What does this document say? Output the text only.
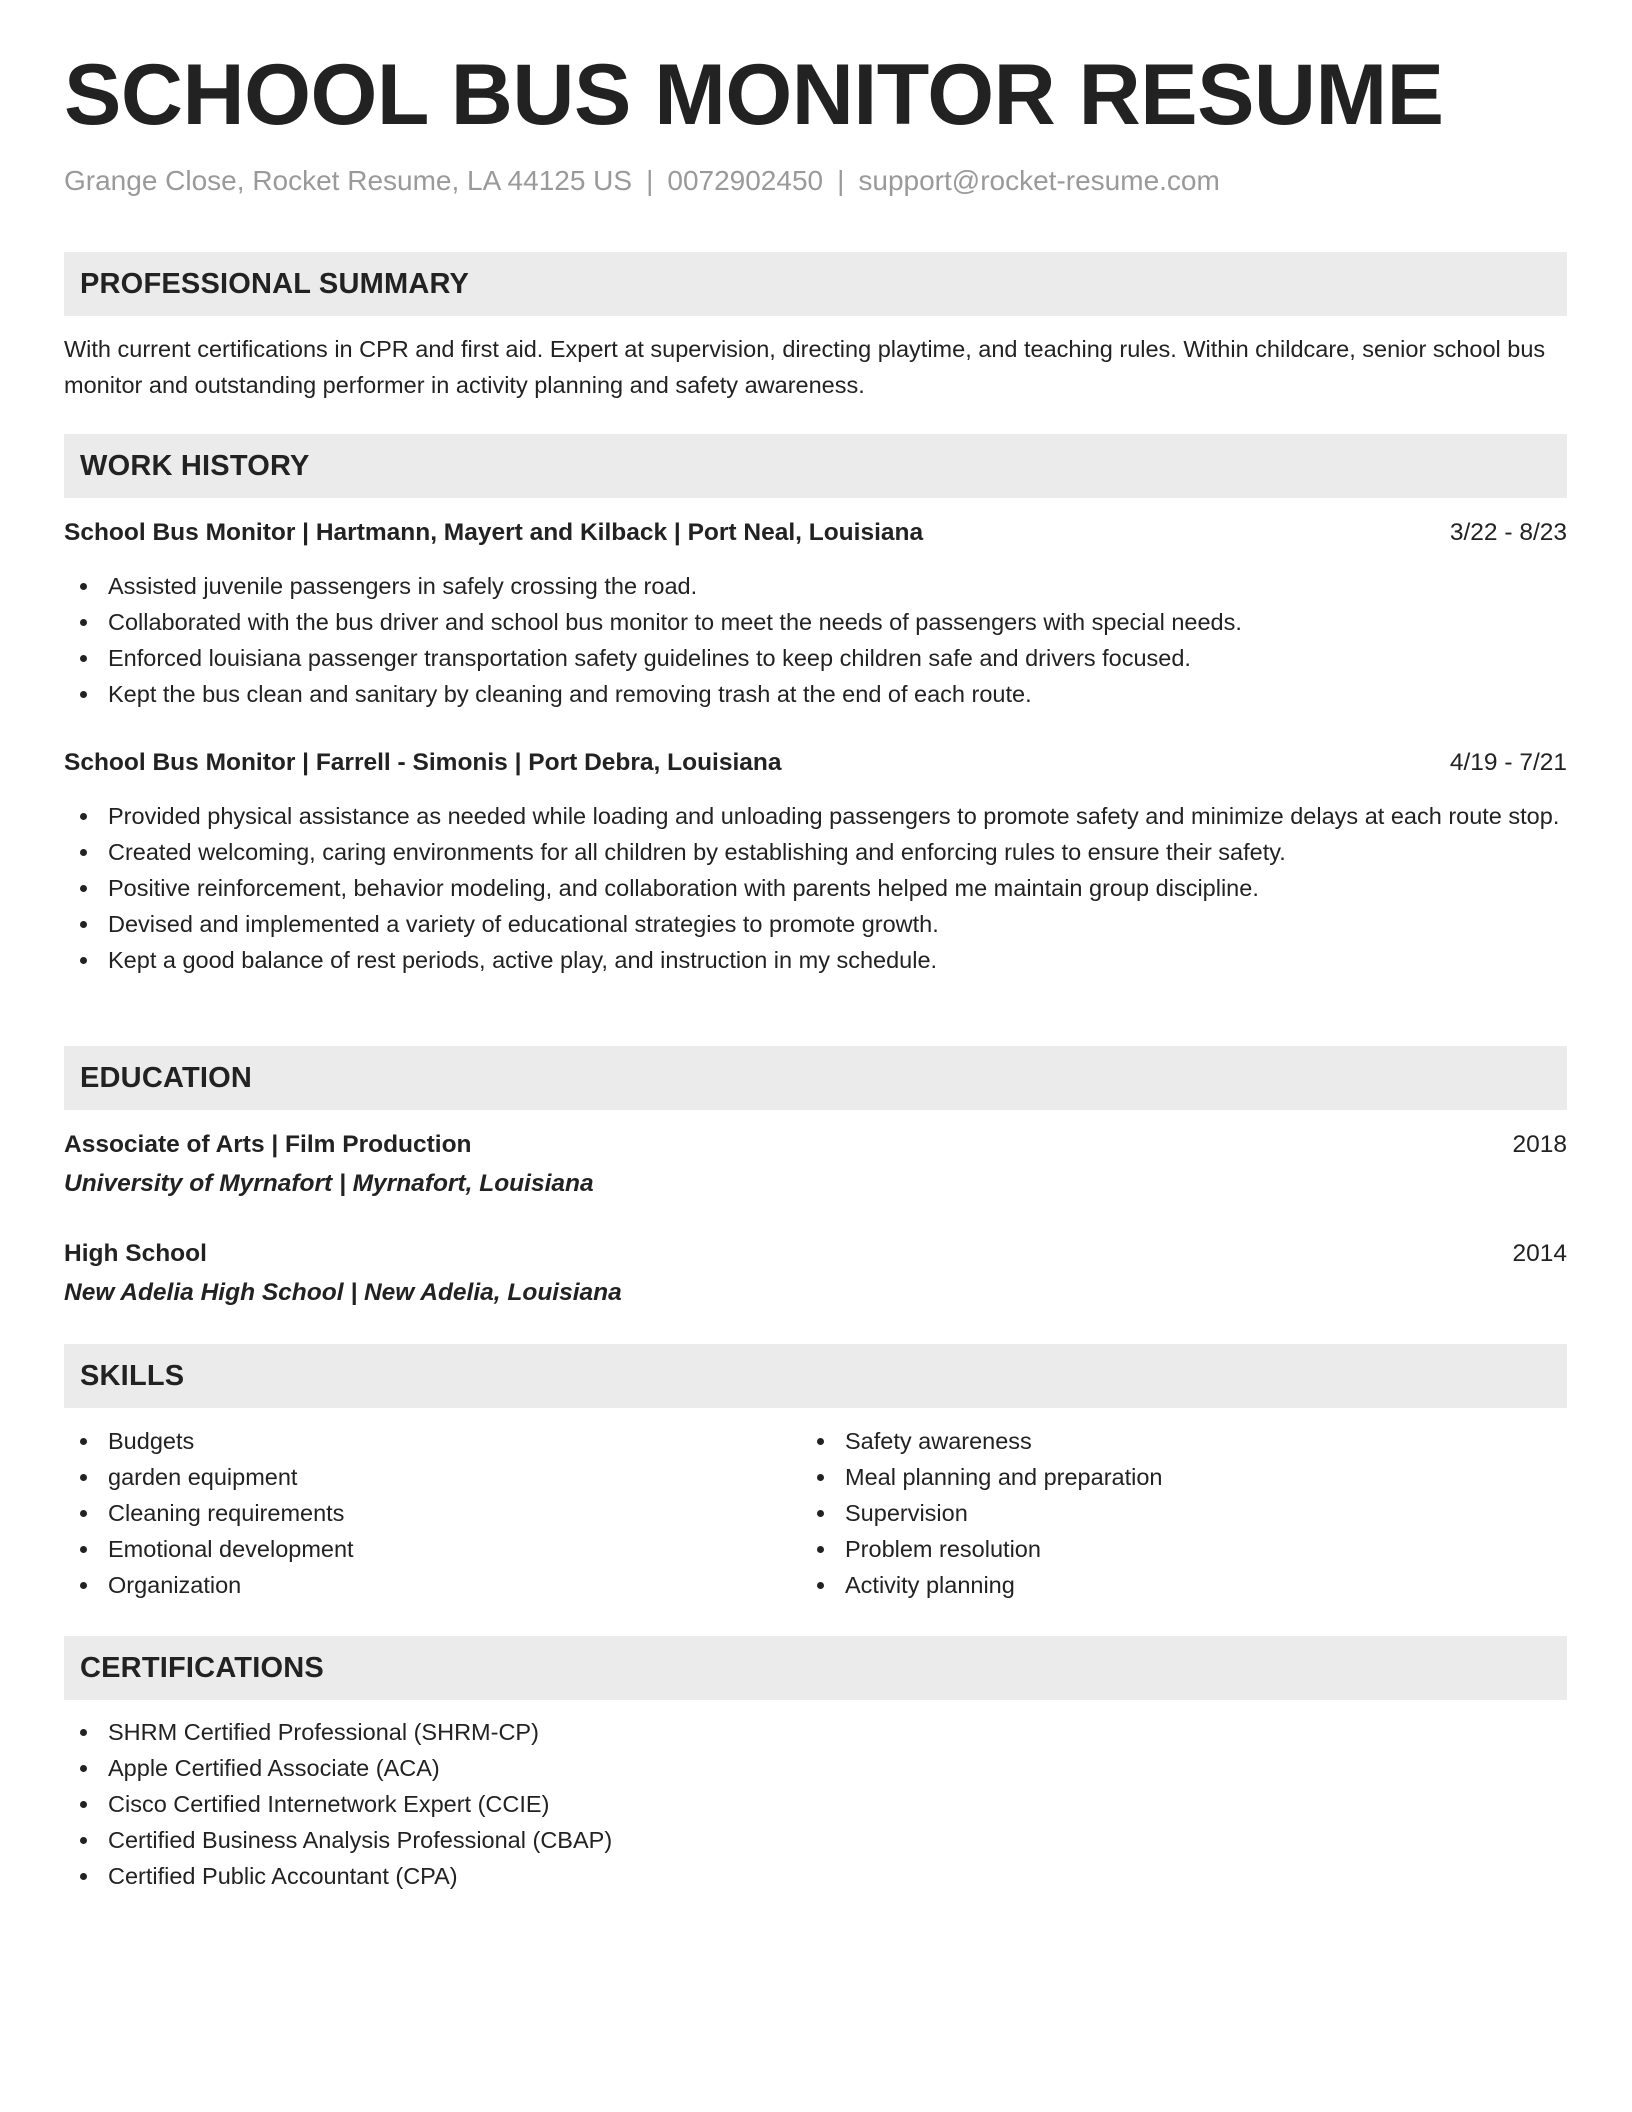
SCHOOL BUS MONITOR RESUME
Grange Close, Rocket Resume, LA 44125 US | 0072902450 | support@rocket-resume.com
PROFESSIONAL SUMMARY

With current certifications in CPR and first aid. Expert at supervision, directing playtime, and teaching rules. Within childcare, senior school bus monitor and outstanding performer in activity planning and safety awareness.

WORK HISTORY
School Bus Monitor | Hartmann, Mayert and Kilback | Port Neal, Louisiana	3/22 - 8/23
Assisted juvenile passengers in safely crossing the road.
Collaborated with the bus driver and school bus monitor to meet the needs of passengers with special needs.
Enforced louisiana passenger transportation safety guidelines to keep children safe and drivers focused.
Kept the bus clean and sanitary by cleaning and removing trash at the end of each route.
School Bus Monitor | Farrell - Simonis | Port Debra, Louisiana	4/19 - 7/21
Provided physical assistance as needed while loading and unloading passengers to promote safety and minimize delays at each route stop.
Created welcoming, caring environments for all children by establishing and enforcing rules to ensure their safety.
Positive reinforcement, behavior modeling, and collaboration with parents helped me maintain group discipline.
Devised and implemented a variety of educational strategies to promote growth.
Kept a good balance of rest periods, active play, and instruction in my schedule.
EDUCATION
Associate of Arts | Film Production	2018
University of Myrnafort | Myrnafort, Louisiana
High School	2014
New Adelia High School | New Adelia, Louisiana
SKILLS
Budgets
garden equipment
Cleaning requirements
Emotional development
Organization
Safety awareness
Meal planning and preparation
Supervision
Problem resolution
Activity planning
CERTIFICATIONS
SHRM Certified Professional (SHRM-CP)
Apple Certified Associate (ACA)
Cisco Certified Internetwork Expert (CCIE)
Certified Business Analysis Professional (CBAP)
Certified Public Accountant (CPA)
